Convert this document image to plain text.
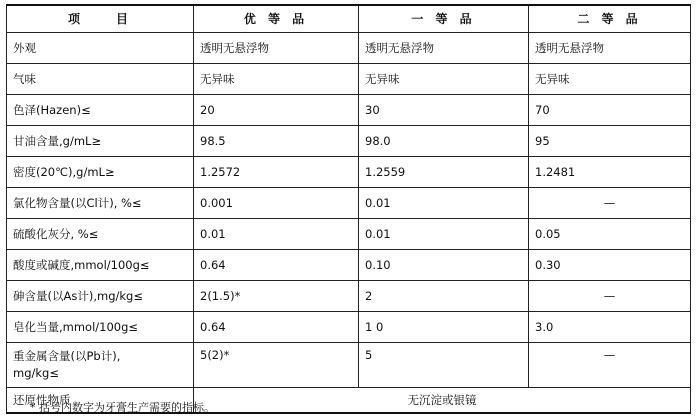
项　　目	优 等 品	一 等 品	二 等 品
外观	透明无悬浮物	透明无悬浮物	透明无悬浮物
气味	无异味	无异味	无异味
色泽(Hazen)≤	20	30	70
甘油含量,g/mL≥	98.5	98.0	95
密度(20℃),g/mL≥	1.2572	1.2559	1.2481
氯化物含量(以Cl计), %≤	0.001	0.01	—
硫酸化灰分, %≤	0.01	0.01	0.05
酸度或碱度,mmol/100g≤	0.64	0.10	0.30
砷含量(以As计),mg/kg≤	2(1.5)*	2	—
皂化当量,mmol/100g≤	0.64	1 0	3.0
重金属含量(以Pb计),
mg/kg≤	5(2)*	5	—
还原性物质	无沉淀或银镜		
* 括号内数字为牙膏生产需要的指标。
